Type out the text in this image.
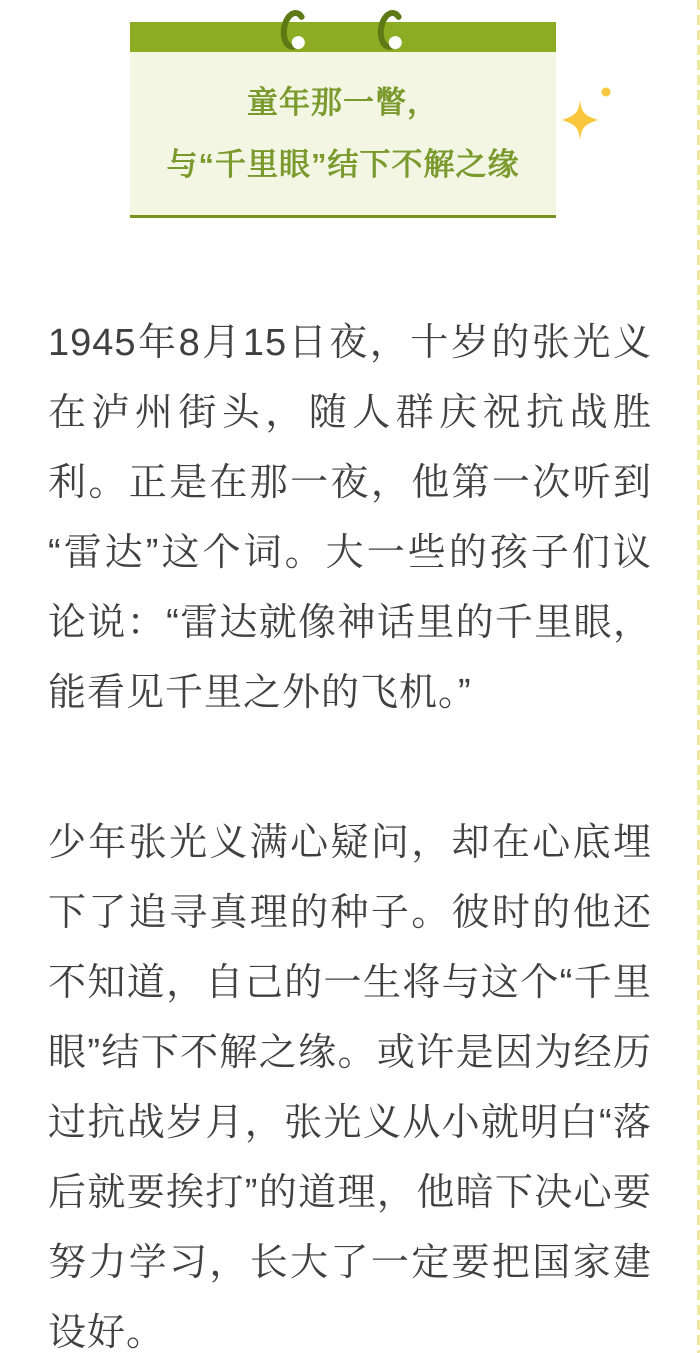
童年那一瞥，
与“千里眼”结下不解之缘

1945年8月15日夜，十岁的张光义在泸州街头，随人群庆祝抗战胜利。正是在那一夜，他第一次听到“雷达”这个词。大一些的孩子们议论说：“雷达就像神话里的千里眼，能看见千里之外的飞机。”

少年张光义满心疑问，却在心底埋下了追寻真理的种子。彼时的他还不知道，自己的一生将与这个“千里眼”结下不解之缘。或许是因为经历过抗战岁月，张光义从小就明白“落后就要挨打”的道理，他暗下决心要努力学习，长大了一定要把国家建设好。
